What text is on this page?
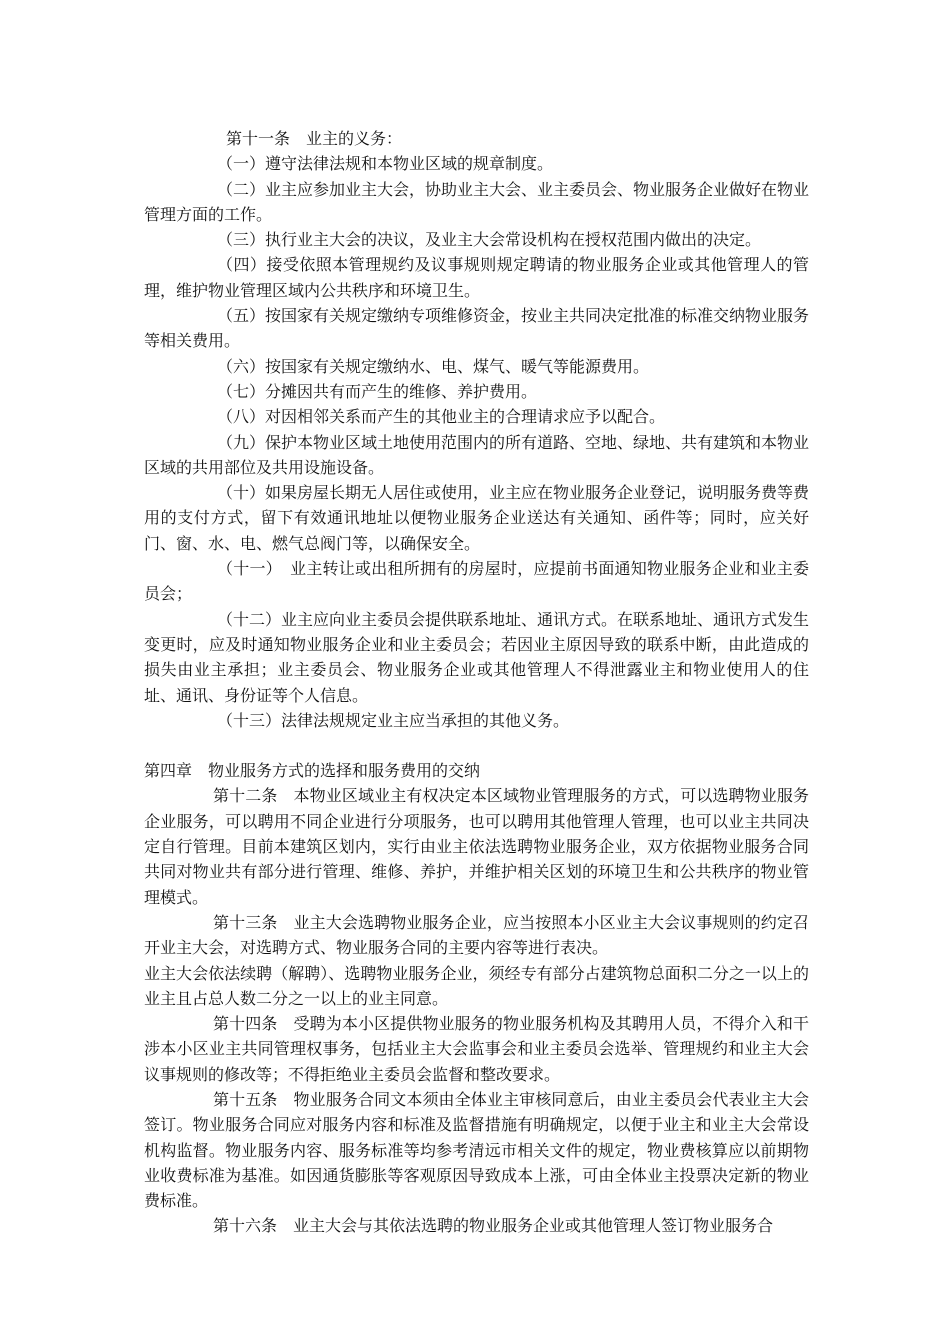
第十一条　业主的义务：

（一）遵守法律法规和本物业区域的规章制度。

（二）业主应参加业主大会，协助业主大会、业主委员会、物业服务企业做好在物业管理方面的工作。

（三）执行业主大会的决议，及业主大会常设机构在授权范围内做出的决定。

（四）接受依照本管理规约及议事规则规定聘请的物业服务企业或其他管理人的管理，维护物业管理区域内公共秩序和环境卫生。

（五）按国家有关规定缴纳专项维修资金，按业主共同决定批准的标准交纳物业服务等相关费用。

（六）按国家有关规定缴纳水、电、煤气、暖气等能源费用。

（七）分摊因共有而产生的维修、养护费用。

（八）对因相邻关系而产生的其他业主的合理请求应予以配合。

（九）保护本物业区域土地使用范围内的所有道路、空地、绿地、共有建筑和本物业区域的共用部位及共用设施设备。

（十）如果房屋长期无人居住或使用，业主应在物业服务企业登记，说明服务费等费用的支付方式，留下有效通讯地址以便物业服务企业送达有关通知、函件等；同时，应关好门、窗、水、电、燃气总阀门等，以确保安全。

（十一）　业主转让或出租所拥有的房屋时，应提前书面通知物业服务企业和业主委员会；

（十二）业主应向业主委员会提供联系地址、通讯方式。在联系地址、通讯方式发生变更时，应及时通知物业服务企业和业主委员会；若因业主原因导致的联系中断，由此造成的损失由业主承担；业主委员会、物业服务企业或其他管理人不得泄露业主和物业使用人的住址、通讯、身份证等个人信息。

（十三）法律法规规定业主应当承担的其他义务。

第四章　物业服务方式的选择和服务费用的交纳

第十二条　本物业区域业主有权决定本区域物业管理服务的方式，可以选聘物业服务企业服务，可以聘用不同企业进行分项服务，也可以聘用其他管理人管理，也可以业主共同决定自行管理。目前本建筑区划内，实行由业主依法选聘物业服务企业，双方依据物业服务合同共同对物业共有部分进行管理、维修、养护，并维护相关区划的环境卫生和公共秩序的物业管理模式。

第十三条　业主大会选聘物业服务企业，应当按照本小区业主大会议事规则的约定召开业主大会，对选聘方式、物业服务合同的主要内容等进行表决。

业主大会依法续聘（解聘）、选聘物业服务企业，须经专有部分占建筑物总面积二分之一以上的业主且占总人数二分之一以上的业主同意。

第十四条　受聘为本小区提供物业服务的物业服务机构及其聘用人员，不得介入和干涉本小区业主共同管理权事务，包括业主大会监事会和业主委员会选举、管理规约和业主大会议事规则的修改等；不得拒绝业主委员会监督和整改要求。

第十五条　物业服务合同文本须由全体业主审核同意后，由业主委员会代表业主大会签订。物业服务合同应对服务内容和标准及监督措施有明确规定，以便于业主和业主大会常设机构监督。物业服务内容、服务标准等均参考清远市相关文件的规定，物业费核算应以前期物业收费标准为基准。如因通货膨胀等客观原因导致成本上涨，可由全体业主投票决定新的物业费标准。

第十六条　业主大会与其依法选聘的物业服务企业或其他管理人签订物业服务合
